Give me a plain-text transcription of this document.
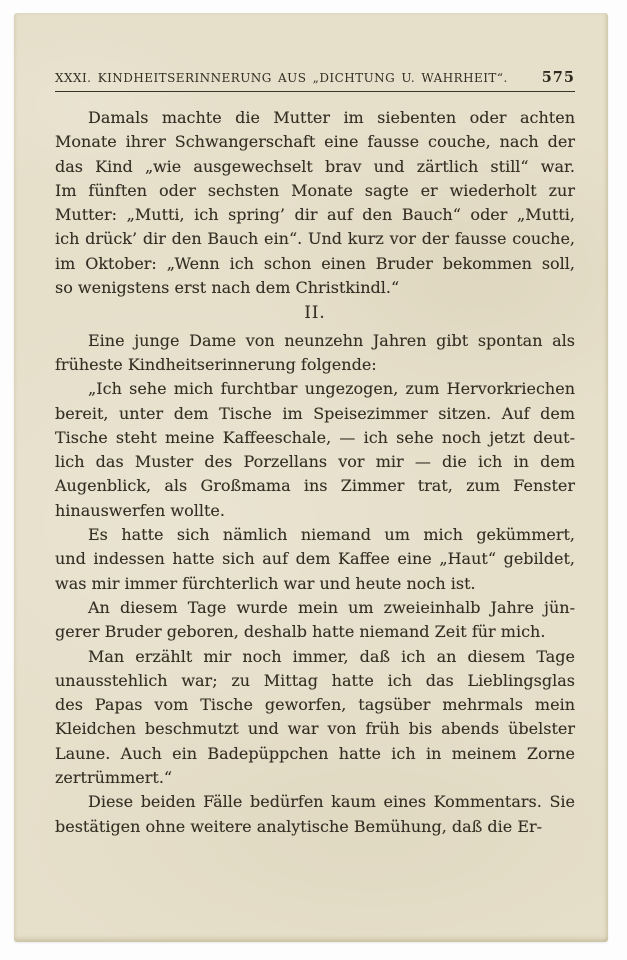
XXXI. KINDHEITSERINNERUNG AUS „DICHTUNG U. WAHRHEIT“. 575
Damals machte die Mutter im siebenten oder achten
Monate ihrer Schwangerschaft eine fausse couche, nach der
das Kind „wie ausgewechselt brav und zärtlich still“ war.
Im fünften oder sechsten Monate sagte er wiederholt zur
Mutter: „Mutti, ich spring’ dir auf den Bauch“ oder „Mutti,
ich drück’ dir den Bauch ein“. Und kurz vor der fausse couche,
im Oktober: „Wenn ich schon einen Bruder bekommen soll,
so wenigstens erst nach dem Christkindl.“
II.
Eine junge Dame von neunzehn Jahren gibt spontan als
früheste Kindheitserinnerung folgende:
„Ich sehe mich furchtbar ungezogen, zum Hervorkriechen
bereit, unter dem Tische im Speisezimmer sitzen. Auf dem
Tische steht meine Kaffeeschale, — ich sehe noch jetzt deut-
lich das Muster des Porzellans vor mir — die ich in dem
Augenblick, als Großmama ins Zimmer trat, zum Fenster
hinauswerfen wollte.
Es hatte sich nämlich niemand um mich gekümmert,
und indessen hatte sich auf dem Kaffee eine „Haut“ gebildet,
was mir immer fürchterlich war und heute noch ist.
An diesem Tage wurde mein um zweieinhalb Jahre jün-
gerer Bruder geboren, deshalb hatte niemand Zeit für mich.
Man erzählt mir noch immer, daß ich an diesem Tage
unausstehlich war; zu Mittag hatte ich das Lieblingsglas
des Papas vom Tische geworfen, tagsüber mehrmals mein
Kleidchen beschmutzt und war von früh bis abends übelster
Laune. Auch ein Badepüppchen hatte ich in meinem Zorne
zertrümmert.“
Diese beiden Fälle bedürfen kaum eines Kommentars. Sie
bestätigen ohne weitere analytische Bemühung, daß die Er-
